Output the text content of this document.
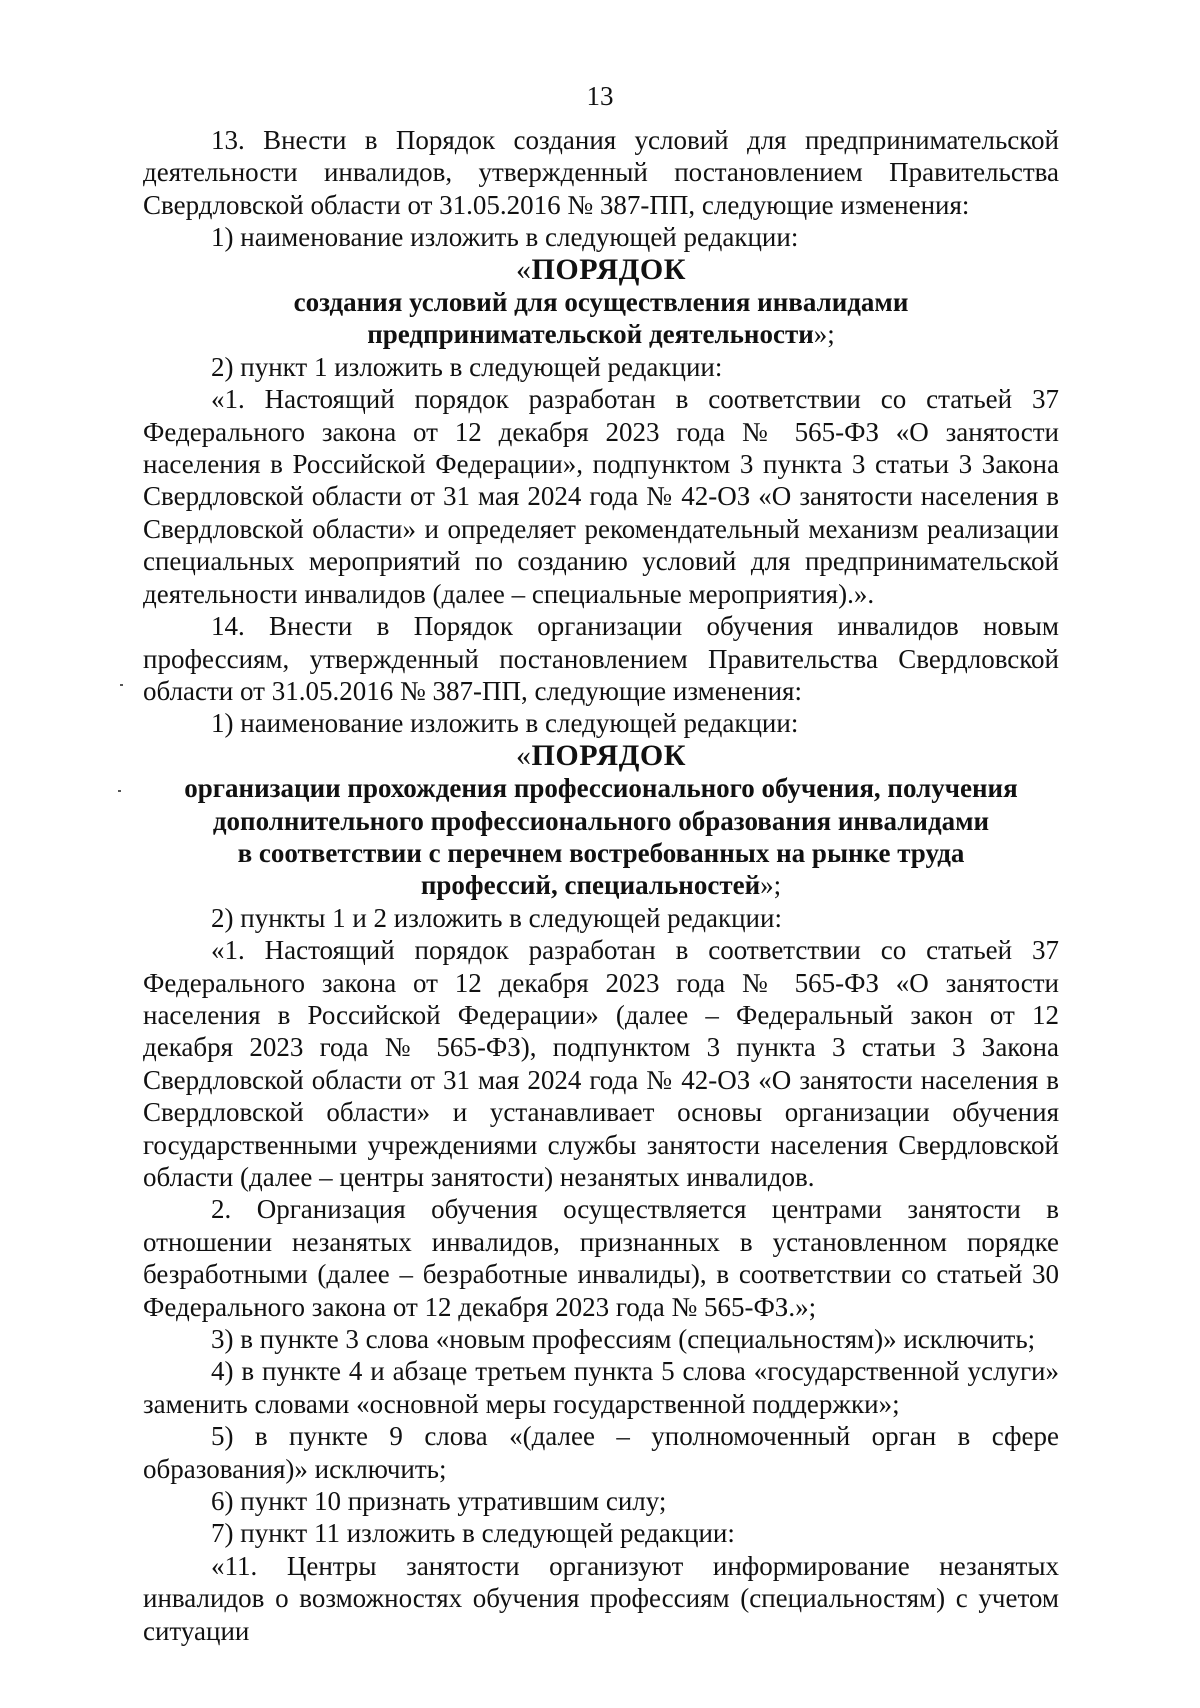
13

13. Внести в Порядок создания условий для предпринимательской деятельности инвалидов, утвержденный постановлением Правительства Свердловской области от 31.05.2016 № 387-ПП, следующие изменения:

1) наименование изложить в следующей редакции:

«ПОРЯДОК

создания условий для осуществления инвалидами

предпринимательской деятельности»;

2) пункт 1 изложить в следующей редакции:

«1. Настоящий порядок разработан в соответствии со статьей 37 Федерального закона от 12 декабря 2023 года № 565-ФЗ «О занятости населения в Российской Федерации», подпунктом 3 пункта 3 статьи 3 Закона Свердловской области от 31 мая 2024 года № 42-ОЗ «О занятости населения в Свердловской области» и определяет рекомендательный механизм реализации специальных мероприятий по созданию условий для предпринимательской деятельности инвалидов (далее – специальные мероприятия).».

14. Внести в Порядок организации обучения инвалидов новым профессиям, утвержденный постановлением Правительства Свердловской области от 31.05.2016 № 387-ПП, следующие изменения:

1) наименование изложить в следующей редакции:

«ПОРЯДОК

организации прохождения профессионального обучения, получения

дополнительного профессионального образования инвалидами

в соответствии с перечнем востребованных на рынке труда

профессий, специальностей»;

2) пункты 1 и 2 изложить в следующей редакции:

«1. Настоящий порядок разработан в соответствии со статьей 37 Федерального закона от 12 декабря 2023 года № 565-ФЗ «О занятости населения в Российской Федерации» (далее – Федеральный закон от 12 декабря 2023 года № 565-ФЗ), подпунктом 3 пункта 3 статьи 3 Закона Свердловской области от 31 мая 2024 года № 42-ОЗ «О занятости населения в Свердловской области» и устанавливает основы организации обучения государственными учреждениями службы занятости населения Свердловской области (далее – центры занятости) незанятых инвалидов.

2. Организация обучения осуществляется центрами занятости в отношении незанятых инвалидов, признанных в установленном порядке безработными (далее – безработные инвалиды), в соответствии со статьей 30 Федерального закона от 12 декабря 2023 года № 565-ФЗ.»;

3) в пункте 3 слова «новым профессиям (специальностям)» исключить;

4) в пункте 4 и абзаце третьем пункта 5 слова «государственной услуги» заменить словами «основной меры государственной поддержки»;

5) в пункте 9 слова «(далее – уполномоченный орган в сфере образования)» исключить;

6) пункт 10 признать утратившим силу;

7) пункт 11 изложить в следующей редакции:

«11. Центры занятости организуют информирование незанятых инвалидов о возможностях обучения профессиям (специальностям) с учетом ситуации
